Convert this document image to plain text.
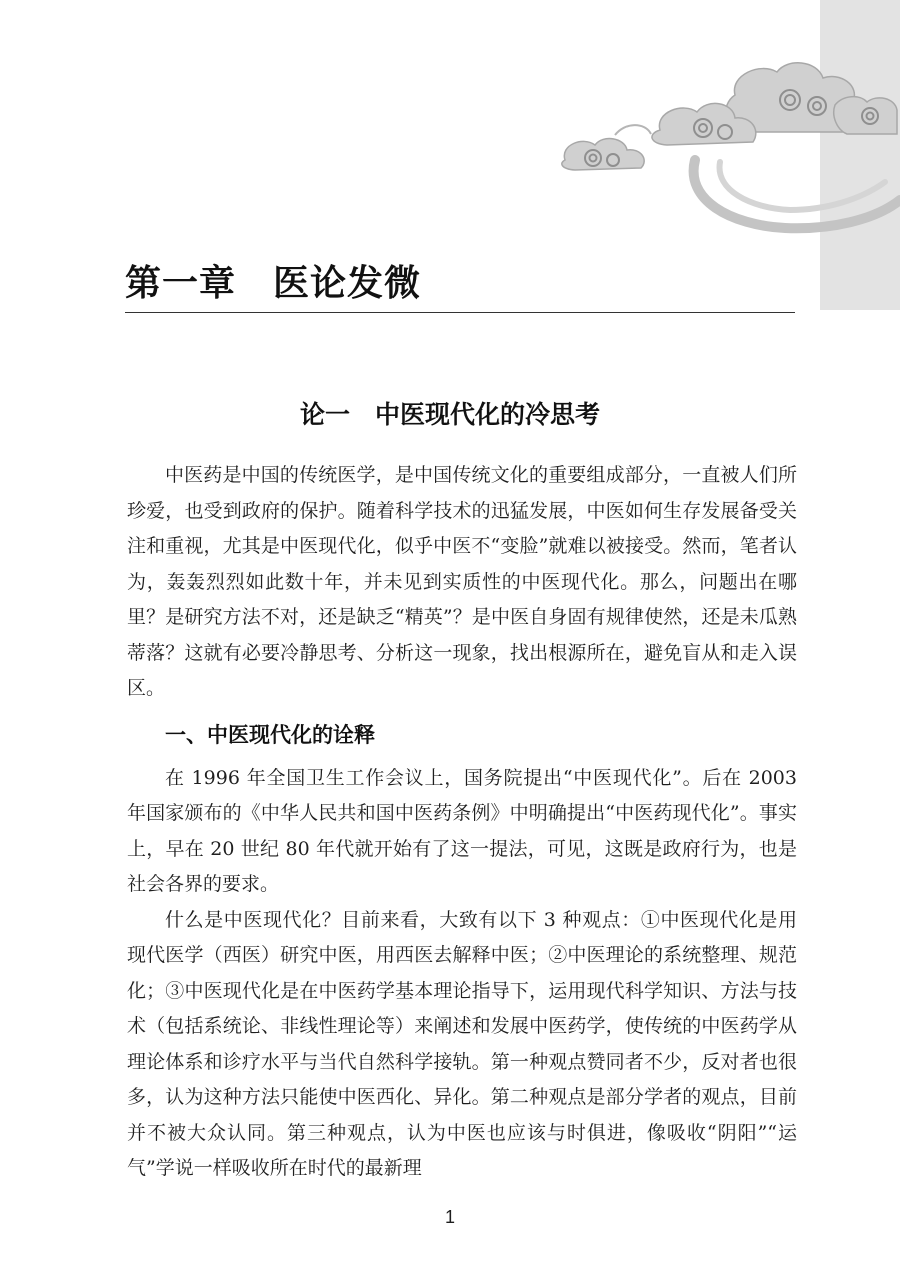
第一章　医论发微
论一　中医现代化的冷思考

中医药是中国的传统医学，是中国传统文化的重要组成部分，一直被人们所珍爱，也受到政府的保护。随着科学技术的迅猛发展，中医如何生存发展备受关注和重视，尤其是中医现代化，似乎中医不“变脸”就难以被接受。然而，笔者认为，轰轰烈烈如此数十年，并未见到实质性的中医现代化。那么，问题出在哪里？是研究方法不对，还是缺乏“精英”？是中医自身固有规律使然，还是未瓜熟蒂落？这就有必要冷静思考、分析这一现象，找出根源所在，避免盲从和走入误区。

一、中医现代化的诠释

在 1996 年全国卫生工作会议上，国务院提出“中医现代化”。后在 2003 年国家颁布的《中华人民共和国中医药条例》中明确提出“中医药现代化”。事实上，早在 20 世纪 80 年代就开始有了这一提法，可见，这既是政府行为，也是社会各界的要求。

什么是中医现代化？目前来看，大致有以下 3 种观点：①中医现代化是用现代医学（西医）研究中医，用西医去解释中医；②中医理论的系统整理、规范化；③中医现代化是在中医药学基本理论指导下，运用现代科学知识、方法与技术（包括系统论、非线性理论等）来阐述和发展中医药学，使传统的中医药学从理论体系和诊疗水平与当代自然科学接轨。第一种观点赞同者不少，反对者也很多，认为这种方法只能使中医西化、异化。第二种观点是部分学者的观点，目前并不被大众认同。第三种观点，认为中医也应该与时俱进，像吸收“阴阳”“运气”学说一样吸收所在时代的最新理

1
